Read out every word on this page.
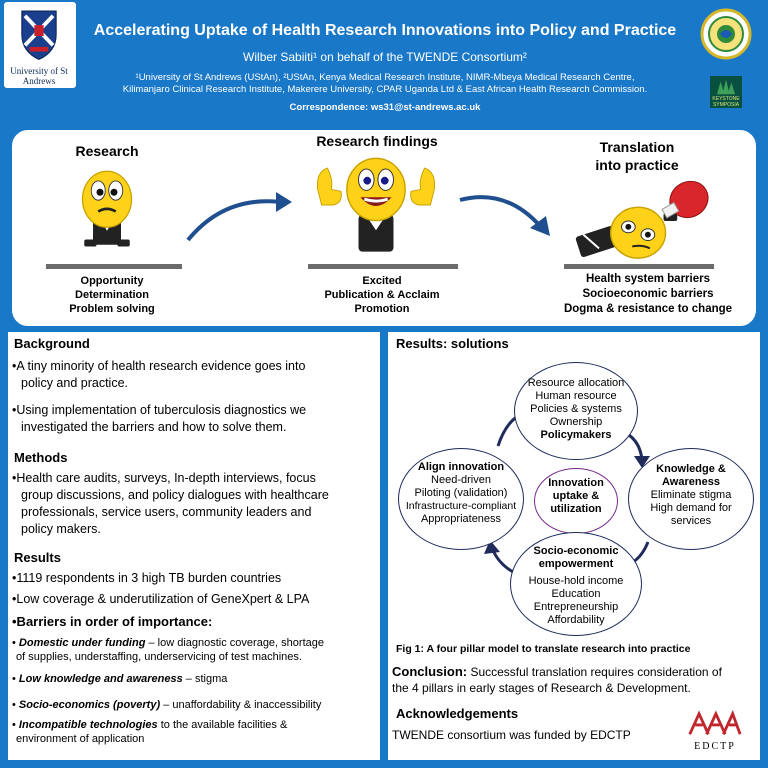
University of St Andrews
Accelerating Uptake of Health Research Innovations into Policy and Practice
Wilber Sabiiti¹ on behalf of the TWENDE Consortium²
¹University of St Andrews (UStAn), ²UStAn, Kenya Medical Research Institute, NIMR-Mbeya Medical Research Centre,
Kilimanjaro Clinical Research Institute, Makerere University, CPAR Uganda Ltd & East African Health Research Commission.
Correspondence: ws31@st-andrews.ac.uk
KEYSTONE SYMPOSIA
Research
Opportunity
Determination
Problem solving
Research findings
Excited
Publication & Acclaim
Promotion
Translation
into practice
Health system barriers
Socioeconomic barriers
Dogma & resistance to change
Background
•A tiny minority of health research evidence goes into
policy and practice.
•Using implementation of tuberculosis diagnostics we
investigated the barriers and how to solve them.
Methods
•Health care audits, surveys, In-depth interviews, focus
group discussions, and policy dialogues with healthcare
professionals, service users, community leaders and
policy makers.
Results
•1119 respondents in 3 high TB burden countries
•Low coverage & underutilization of GeneXpert & LPA
•Barriers in order of importance:
• Domestic under funding – low diagnostic coverage, shortage
of supplies, understaffing, underservicing of test machines.
• Low knowledge and awareness – stigma
• Socio-economics (poverty) – unaffordability & inaccessibility
• Incompatible technologies to the available facilities &
environment of application
Results: solutions
Resource allocation
Human resource
Policies & systems
Ownership
Policymakers
Align innovation
Need-driven
Piloting (validation)
Infrastructure-compliant
Appropriateness
Innovation
uptake &
utilization
Knowledge &
Awareness
Eliminate stigma
High demand for
services
Socio-economic
empowerment
House-hold income
Education
Entrepreneurship
Affordability
Fig 1: A four pillar model to translate research into practice
Conclusion: Successful translation requires consideration of
the 4 pillars in early stages of Research & Development.
Acknowledgements
TWENDE consortium was funded by EDCTP
EDCTP
